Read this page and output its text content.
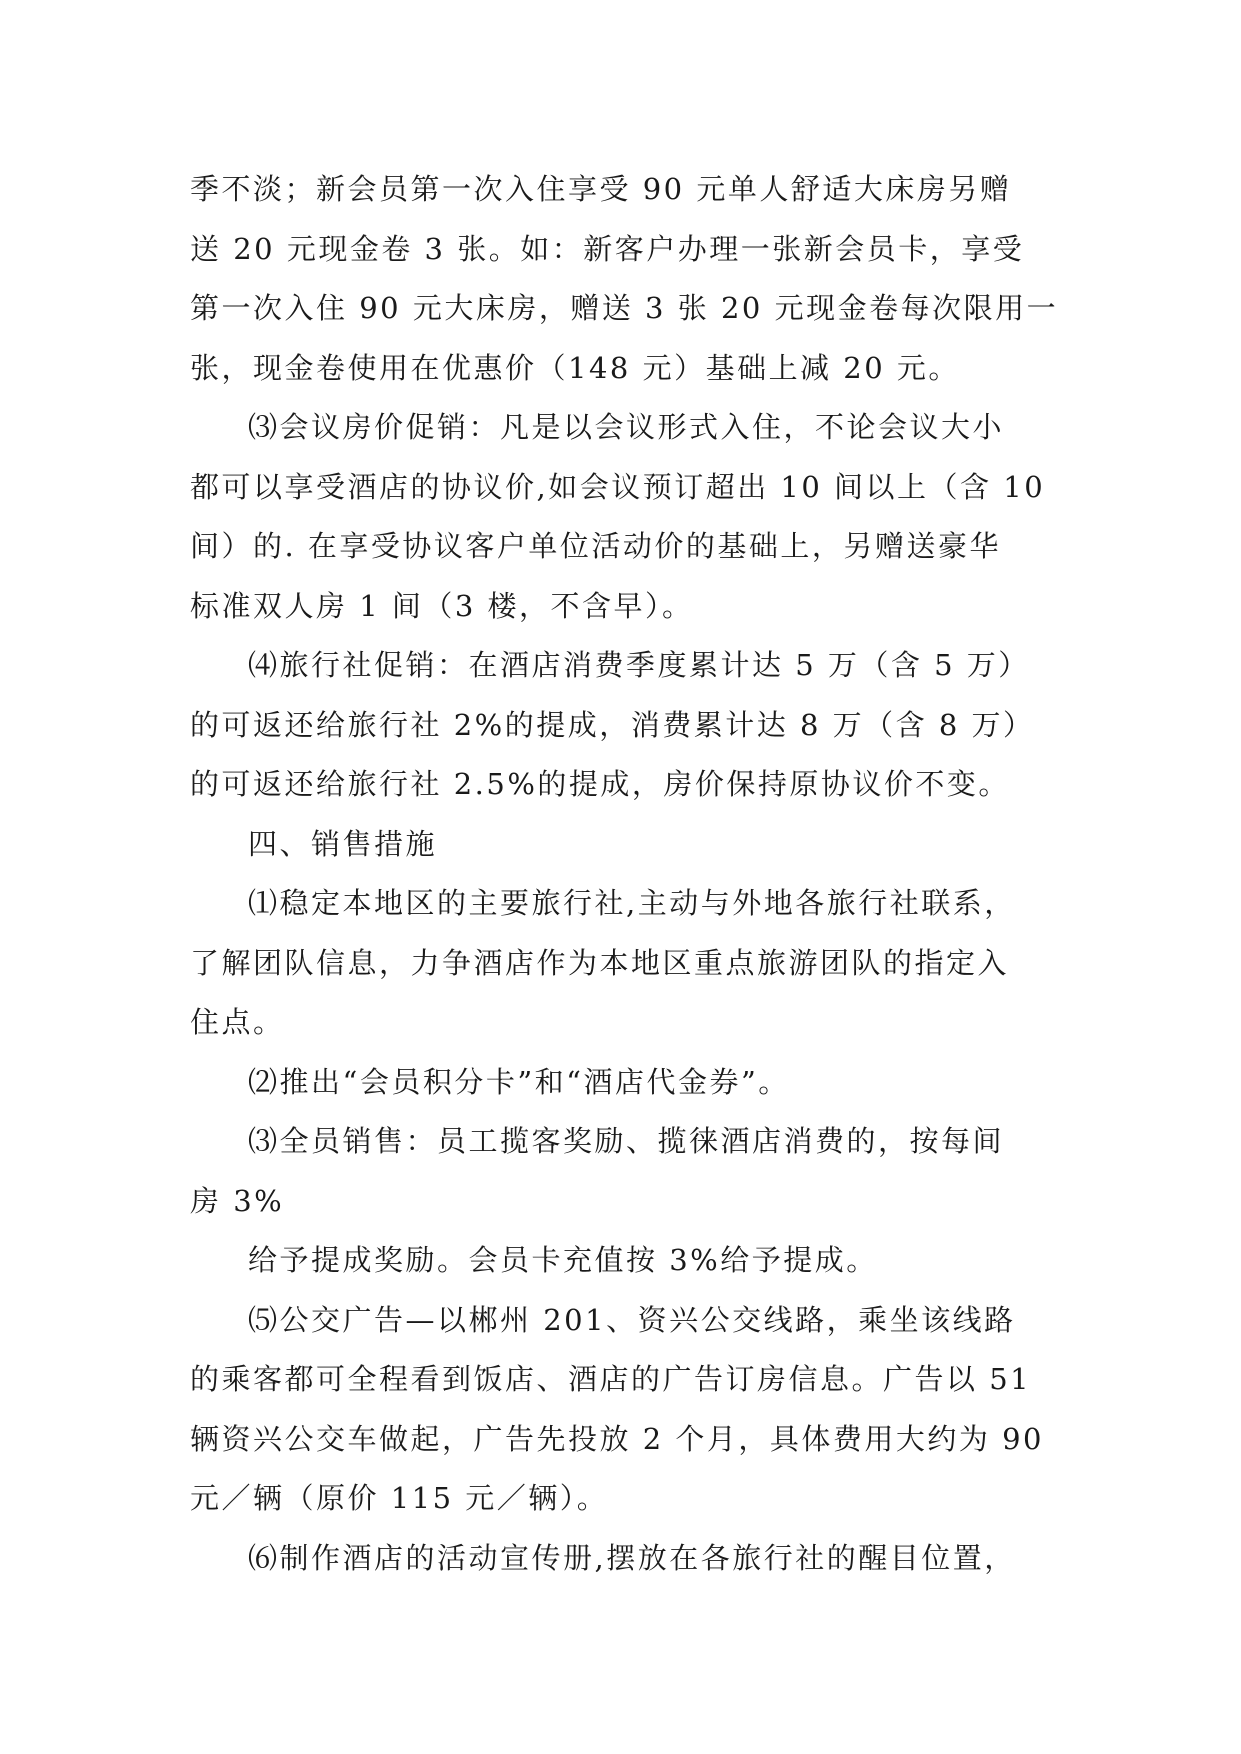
季不淡；新会员第一次入住享受 90 元单人舒适大床房另赠
送 20 元现金卷 3 张。如：新客户办理一张新会员卡，享受
第一次入住 90 元大床房，赠送 3 张 20 元现金卷每次限用一
张，现金卷使用在优惠价（148 元）基础上减 20 元。
⑶会议房价促销：凡是以会议形式入住，不论会议大小
都可以享受酒店的协议价,如会议预订超出 10 间以上（含 10
间）的. 在享受协议客户单位活动价的基础上，另赠送豪华
标准双人房 1 间（3 楼，不含早）。
⑷旅行社促销：在酒店消费季度累计达 5 万（含 5 万）
的可返还给旅行社 2%的提成，消费累计达 8 万（含 8 万）
的可返还给旅行社 2.5%的提成，房价保持原协议价不变。
四、销售措施
⑴稳定本地区的主要旅行社,主动与外地各旅行社联系，
了解团队信息，力争酒店作为本地区重点旅游团队的指定入
住点。
⑵推出“会员积分卡”和“酒店代金券”。
⑶全员销售：员工揽客奖励、揽徕酒店消费的，按每间
房 3%
给予提成奖励。会员卡充值按 3%给予提成。
⑸公交广告—以郴州 201、资兴公交线路，乘坐该线路
的乘客都可全程看到饭店、酒店的广告订房信息。广告以 51
辆资兴公交车做起，广告先投放 2 个月，具体费用大约为 90
元／辆（原价 115 元／辆）。
⑹制作酒店的活动宣传册,摆放在各旅行社的醒目位置，
